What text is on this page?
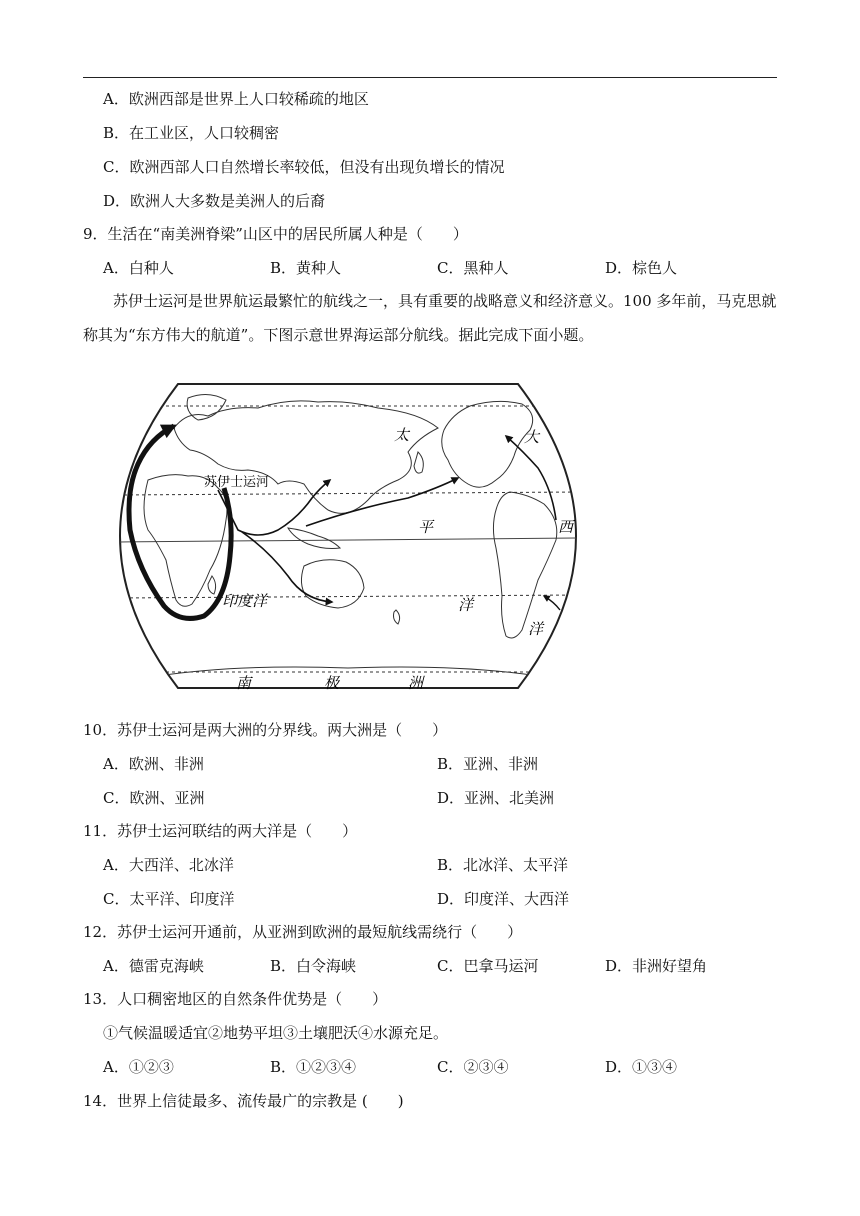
A．欧洲西部是世界上人口较稀疏的地区
B．在工业区，人口较稠密
C．欧洲西部人口自然增长率较低，但没有出现负增长的情况
D．欧洲人大多数是美洲人的后裔
9．生活在“南美洲脊梁”山区中的居民所属人种是（　　）
A．白种人	B．黄种人	C．黑种人	D．棕色人
苏伊士运河是世界航运最繁忙的航线之一，具有重要的战略意义和经济意义。100 多年前，马克思就称其为“东方伟大的航道”。下图示意世界海运部分航线。据此完成下面小题。
苏伊士运河
太
平
洋
印度洋
大
西
洋
南	极	洲
10．苏伊士运河是两大洲的分界线。两大洲是（　　）
A．欧洲、非洲	B．亚洲、非洲
C．欧洲、亚洲	D．亚洲、北美洲
11．苏伊士运河联结的两大洋是（　　）
A．大西洋、北冰洋	B．北冰洋、太平洋
C．太平洋、印度洋	D．印度洋、大西洋
12．苏伊士运河开通前，从亚洲到欧洲的最短航线需绕行（　　）
A．德雷克海峡	B．白令海峡	C．巴拿马运河	D．非洲好望角
13．人口稠密地区的自然条件优势是（　　）
①气候温暖适宜②地势平坦③土壤肥沃④水源充足。
A．①②③	B．①②③④	C．②③④	D．①③④
14．世界上信徒最多、流传最广的宗教是 (　　)
